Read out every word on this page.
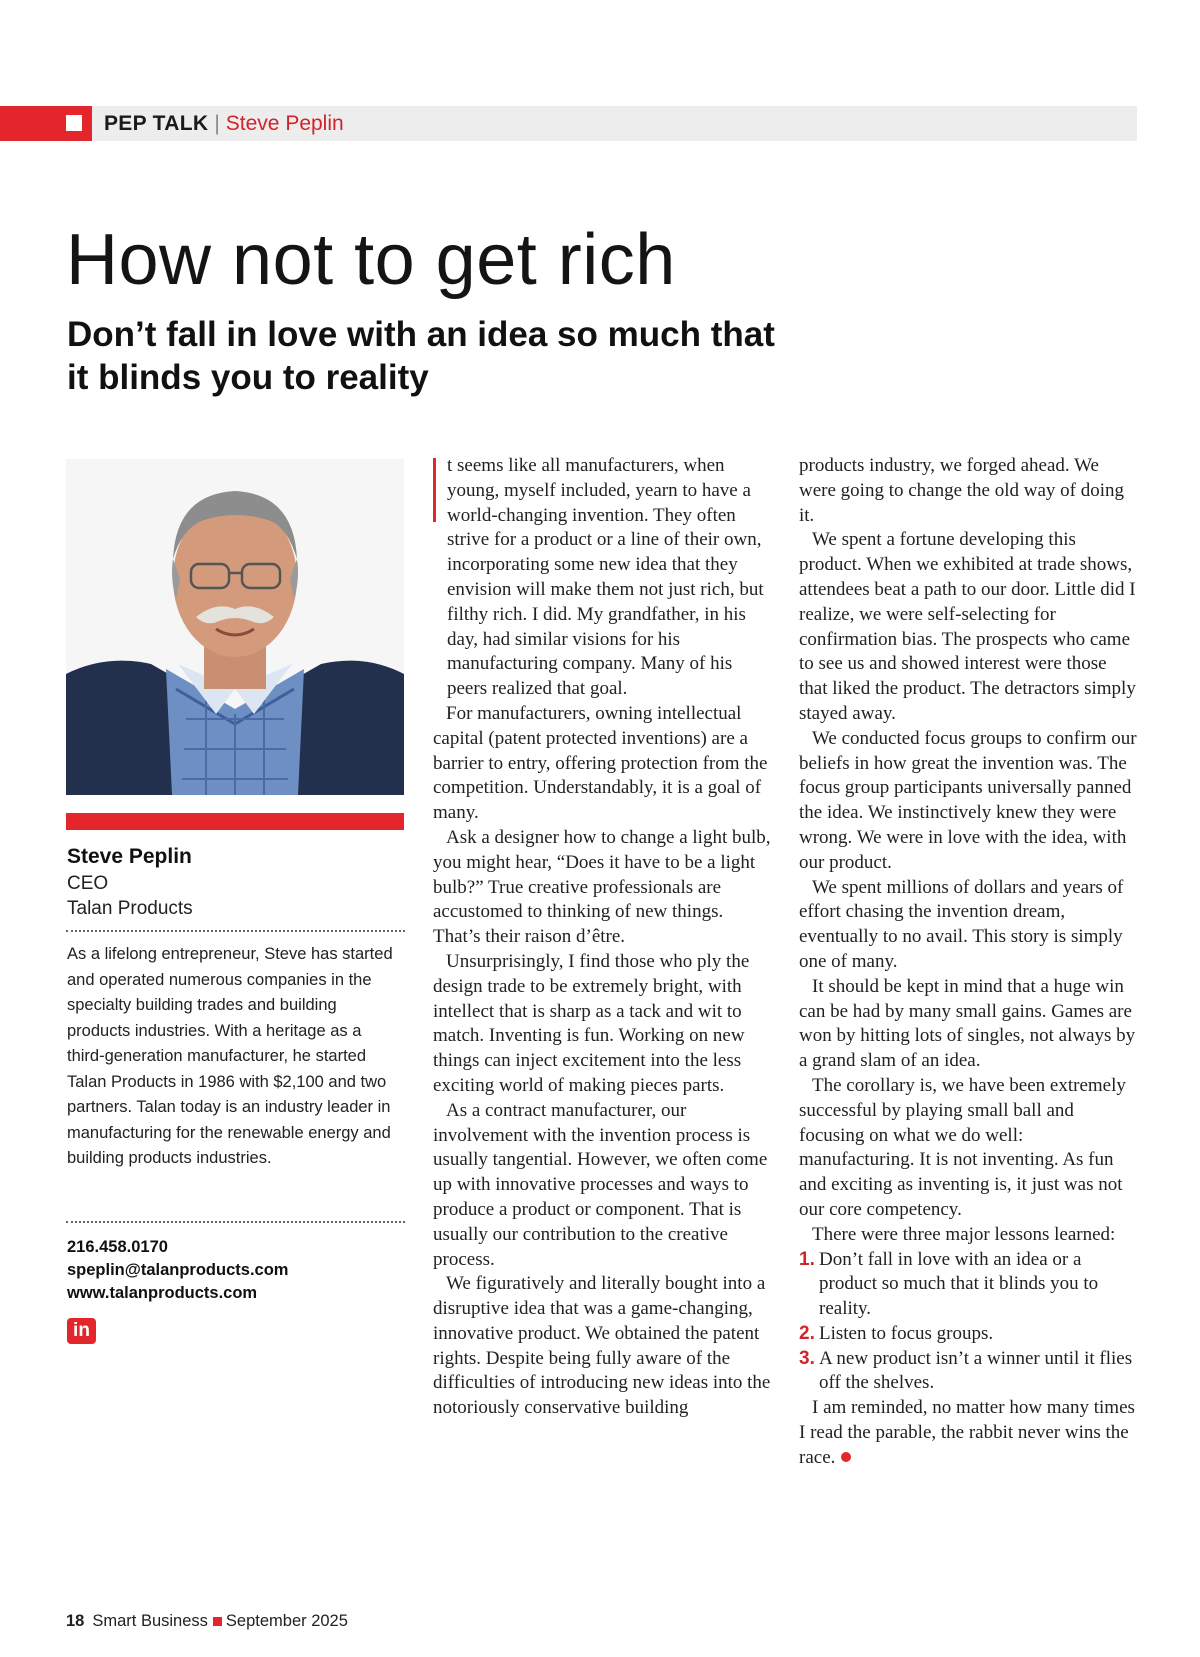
PEP TALK | Steve Peplin
How not to get rich
Don’t fall in love with an idea so much that it blinds you to reality
Steve Peplin
CEO
Talan Products
As a lifelong entrepreneur, Steve has started and operated numerous companies in the specialty building trades and building products industries. With a heritage as a third-generation manufacturer, he started Talan Products in 1986 with $2,100 and two partners. Talan today is an industry leader in manufacturing for the renewable energy and building products industries.
216.458.0170
speplin@talanproducts.com
www.talanproducts.com
in

t seems like all manufacturers, when young, myself included, yearn to have a world-changing invention. They often strive for a product or a line of their own, incorporating some new idea that they envision will make them not just rich, but filthy rich. I did. My grandfather, in his day, had similar visions for his manufacturing company. Many of his peers realized that goal.

For manufacturers, owning intellectual capital (patent protected inventions) are a barrier to entry, offering protection from the competition. Understandably, it is a goal of many.

Ask a designer how to change a light bulb, you might hear, “Does it have to be a light bulb?” True creative professionals are accustomed to thinking of new things. That’s their raison d’être.

Unsurprisingly, I find those who ply the design trade to be extremely bright, with intellect that is sharp as a tack and wit to match. Inventing is fun. Working on new things can inject excitement into the less exciting world of making pieces parts.

As a contract manufacturer, our involvement with the invention process is usually tangential. However, we often come up with innovative processes and ways to produce a product or component. That is usually our contribution to the creative process.

We figuratively and literally bought into a disruptive idea that was a game-changing, innovative product. We obtained the patent rights. Despite being fully aware of the difficulties of introducing new ideas into the notoriously conservative building

products industry, we forged ahead. We were going to change the old way of doing it.

We spent a fortune developing this product. When we exhibited at trade shows, attendees beat a path to our door. Little did I realize, we were self-selecting for confirmation bias. The prospects who came to see us and showed interest were those that liked the product. The detractors simply stayed away.

We conducted focus groups to confirm our beliefs in how great the invention was. The focus group participants universally panned the idea. We instinctively knew they were wrong. We were in love with the idea, with our product.

We spent millions of dollars and years of effort chasing the invention dream, eventually to no avail. This story is simply one of many.

It should be kept in mind that a huge win can be had by many small gains. Games are won by hitting lots of singles, not always by a grand slam of an idea.

The corollary is, we have been extremely successful by playing small ball and focusing on what we do well: manufacturing. It is not inventing. As fun and exciting as inventing is, it just was not our core competency.

There were three major lessons learned:

1. Don’t fall in love with an idea or a product so much that it blinds you to reality.

2. Listen to focus groups.

3. A new product isn’t a winner until it flies off the shelves.

I am reminded, no matter how many times I read the parable, the rabbit never wins the race.

18 Smart Business September 2025
